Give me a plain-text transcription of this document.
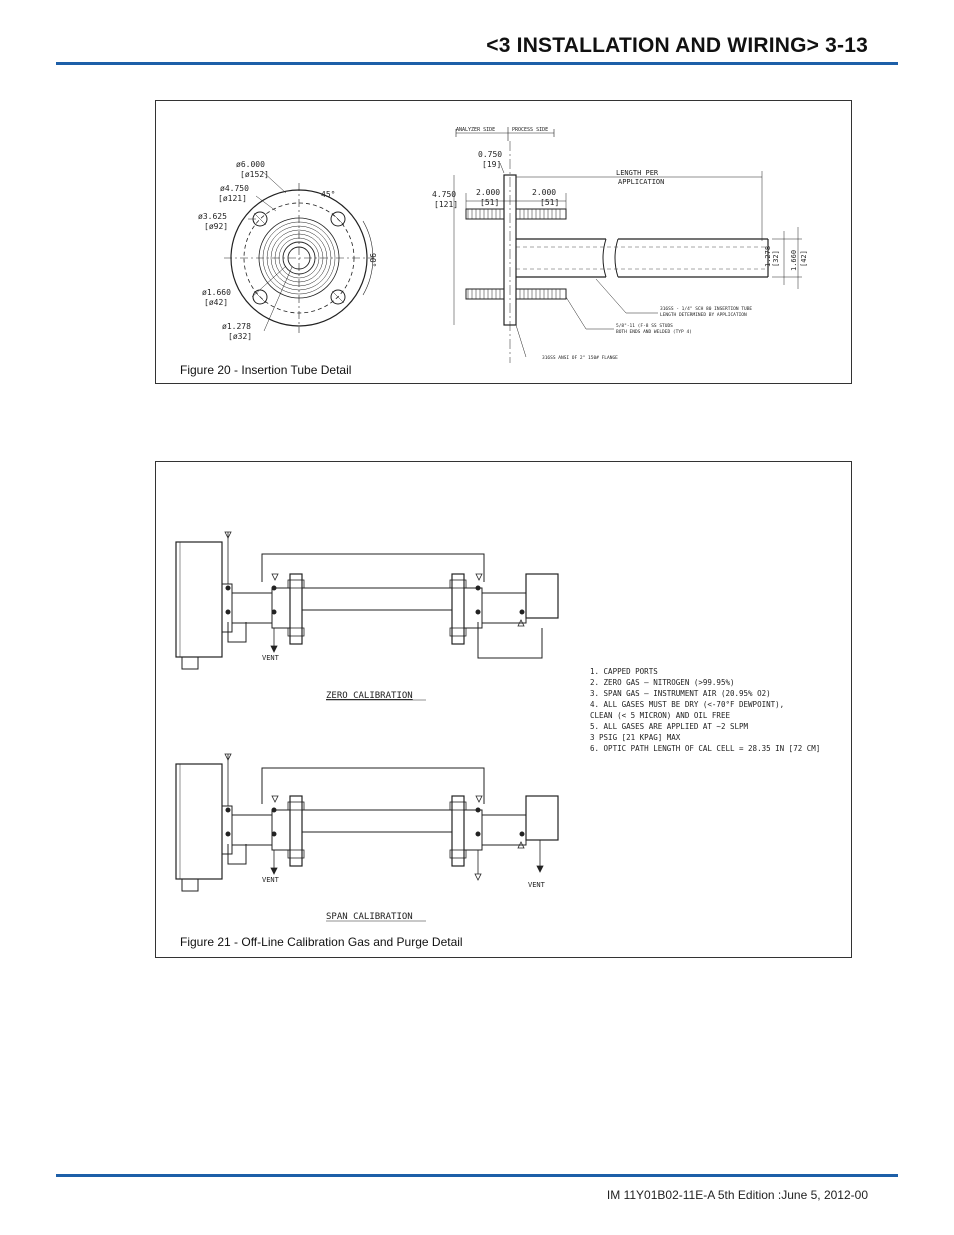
<3 INSTALLATION AND WIRING> 3-13
ø6.000
[ø152]
ø4.750
[ø121]
ø3.625
[ø92]
ø1.660
[ø42]
ø1.278
[ø32]
45°
90°
ANALYZER SIDE	PROCESS SIDE
0.750
[19]
4.750
[121]
2.000
[51]
2.000
[51]
LENGTH PER
APPLICATION
1.278 [32] 1.660 [42]
316SS - 1/4" SCH 80 INSERTION TUBE
LENGTH DETERMINED BY APPLICATION
5/8"-11 (F-8 SS STUDS
BOTH ENDS AND WELDED (TYP 4)
316SS ANSI OF 2" 150# FLANGE
Figure 20 - Insertion Tube Detail
VENT
ZERO CALIBRATION
VENT
VENT
SPAN CALIBRATION
1. CAPPED PORTS
2. ZERO GAS – NITROGEN (>99.95%)
3. SPAN GAS – INSTRUMENT AIR (20.95% O2)
4. ALL GASES MUST BE DRY (<-70°F DEWPOINT),
CLEAN (< 5 MICRON) AND OIL FREE
5. ALL GASES ARE APPLIED AT ~2 SLPM
3 PSIG [21 KPAG] MAX
6. OPTIC PATH LENGTH OF CAL CELL = 28.35 IN [72 CM]
Figure 21 - Off-Line Calibration Gas and Purge Detail
IM 11Y01B02-11E-A 5th Edition :June 5, 2012-00
